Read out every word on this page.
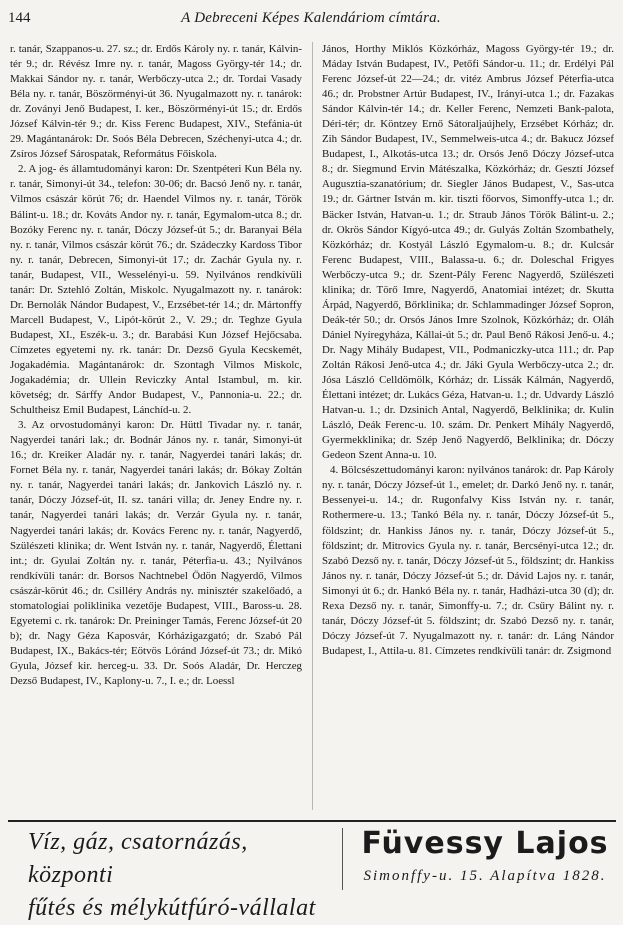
144	A Debreceni Képes Kalendáriom címtára.

r. tanár, Szappanos-u. 27. sz.; dr. Erdős Károly ny. r. tanár, Kálvin-tér 9.; dr. Révész Imre ny. r. tanár, Magoss György-tér 14.; dr. Makkai Sándor ny. r. tanár, Werbőczy-utca 2.; dr. Tordai Vasady Béla ny. r. tanár, Böszörményi-út 36. Nyugalmazott ny. r. tanárok: dr. Zoványi Jenő Budapest, I. ker., Böszörményi-út 15.; dr. Erdős József Kálvin-tér 9.; dr. Kiss Ferenc Budapest, XIV., Stefánia-út 29. Magántanárok: Dr. Soós Béla Debrecen, Széchenyi-utca 4.; dr. Zsíros József Sárospatak, Református Főiskola.

2. A jog- és államtudományi karon: Dr. Szentpéteri Kun Béla ny. r. tanár, Simonyi-út 34., telefon: 30-06; dr. Bacsó Jenő ny. r. tanár, Vilmos császár körút 76; dr. Haendel Vilmos ny. r. tanár, Török Bálint-u. 18.; dr. Kováts Andor ny. r. tanár, Egymalom-utca 8.; dr. Bozóky Ferenc ny. r. tanár, Dóczy József-út 5.; dr. Baranyai Béla ny. r. tanár, Vilmos császár körút 76.; dr. Szádeczky Kardoss Tibor ny. r. tanár, Debrecen, Simonyi-út 17.; dr. Zachár Gyula ny. r. tanár, Budapest, VII., Wesselényi-u. 59. Nyilvános rendkívüli tanár: Dr. Sztehló Zoltán, Miskolc. Nyugalmazott ny. r. tanárok: Dr. Bernolák Nándor Budapest, V., Erzsébet-tér 14.; dr. Mártonffy Marcell Budapest, V., Lipót-körút 2., V. 29.; dr. Teghze Gyula Budapest, XI., Eszék-u. 3.; dr. Barabási Kun József Hejőcsaba. Címzetes egyetemi ny. rk. tanár: Dr. Dezső Gyula Kecskemét, Jogakadémia. Magántanárok: dr. Szontagh Vilmos Miskolc, Jogakadémia; dr. Ullein Reviczky Antal Istambul, m. kir. követség; dr. Sárffy Andor Budapest, V., Pannonia-u. 22.; dr. Schultheisz Emil Budapest, Lánchíd-u. 2.

3. Az orvostudományi karon: Dr. Hüttl Tivadar ny. r. tanár, Nagyerdei tanári lak.; dr. Bodnár János ny. r. tanár, Simonyi-út 16.; dr. Kreiker Aladár ny. r. tanár, Nagyerdei tanári lakás; dr. Fornet Béla ny. r. tanár, Nagyerdei tanári lakás; dr. Bókay Zoltán ny. r. tanár, Nagyerdei tanári lakás; dr. Jankovich László ny. r. tanár, Dóczy József-út, II. sz. tanári villa; dr. Jeney Endre ny. r. tanár, Nagyerdei tanári lakás; dr. Verzár Gyula ny. r. tanár, Nagyerdei tanári lakás; dr. Kovács Ferenc ny. r. tanár, Nagyerdő, Szülészeti klinika; dr. Went István ny. r. tanár, Nagyerdő, Élettani int.; dr. Gyulai Zoltán ny. r. tanár, Péterfia-u. 43.; Nyilvános rendkívüli tanár: dr. Borsos Nachtnebel Ödön Nagyerdő, Vilmos császár-körút 46.; dr. Csilléry András ny. minisztér szakelőadó, a stomatologiai poliklinika vezetője Budapest, VIII., Baross-u. 28. Egyetemi c. rk. tanárok: Dr. Preininger Tamás, Ferenc József-út 20 b); dr. Nagy Géza Kaposvár, Kórházigazgató; dr. Szabó Pál Budapest, IX., Bakács-tér; Eötvös Lóránd József-út 73.; dr. Mikó Gyula, József kir. herceg-u. 33. Dr. Soós Aladár, Dr. Herczeg Dezső Budapest, IV., Kaplony-u. 7., I. e.; dr. Loessl

János, Horthy Miklós Közkórház, Magoss György-tér 19.; dr. Máday István Budapest, IV., Petőfi Sándor-u. 11.; dr. Erdélyi Pál Ferenc József-út 22—24.; dr. vitéz Ambrus József Péterfia-utca 46.; dr. Probstner Artúr Budapest, IV., Irányi-utca 1.; dr. Fazakas Sándor Kálvin-tér 14.; dr. Keller Ferenc, Nemzeti Bank-palota, Déri-tér; dr. Köntzey Ernő Sátoraljaújhely, Erzsébet Kórház; dr. Zih Sándor Budapest, IV., Semmelweis-utca 4.; dr. Bakucz József Budapest, I., Alkotás-utca 13.; dr. Orsós Jenő Dóczy József-utca 8.; dr. Siegmund Ervin Mátészalka, Közkórház; dr. Gesztí József Augusztia-szanatórium; dr. Siegler János Budapest, V., Sas-utca 19.; dr. Gártner István m. kir. tiszti főorvos, Simonffy-utca 1.; dr. Bäcker István, Hatvan-u. 1.; dr. Straub János Török Bálint-u. 2.; dr. Okrös Sándor Kígyó-utca 49.; dr. Gulyás Zoltán Szombathely, Közkórház; dr. Kostyál László Egymalom-u. 8.; dr. Kulcsár Ferenc Budapest, VIII., Balassa-u. 6.; dr. Doleschal Frigyes Werbőczy-utca 9.; dr. Szent-Pály Ferenc Nagyerdő, Szülészeti klinika; dr. Törő Imre, Nagyerdő, Anatomiai intézet; dr. Skutta Árpád, Nagyerdő, Bőrklinika; dr. Schlammadinger József Sopron, Deák-tér 50.; dr. Orsós János Imre Szolnok, Közkórház; dr. Oláh Dániel Nyíregyháza, Kállai-út 5.; dr. Paul Benő Rákosi Jenő-u. 4.; Dr. Nagy Mihály Budapest, VII., Podmaniczky-utca 111.; dr. Pap Zoltán Rákosi Jenő-utca 4.; dr. Jáki Gyula Werbőczy-utca 2.; dr. Jósa László Celldömölk, Kórház; dr. Lissák Kálmán, Nagyerdő, Élettani intézet; dr. Lukács Géza, Hatvan-u. 1.; dr. Udvardy László Hatvan-u. 1.; dr. Dzsinich Antal, Nagyerdő, Belklinika; dr. Kulin László, Deák Ferenc-u. 10. szám. Dr. Penkert Mihály Nagyerdő, Gyermekklinika; dr. Szép Jenő Nagyerdő, Belklinika; dr. Dóczy Gedeon Szent Anna-u. 10.

4. Bölcsészettudományi karon: nyilvános tanárok: dr. Pap Károly ny. r. tanár, Dóczy József-út 1., emelet; dr. Darkó Jenő ny. r. tanár, Bessenyei-u. 14.; dr. Rugonfalvy Kiss István ny. r. tanár, Rothermere-u. 13.; Tankó Béla ny. r. tanár, Dóczy József-út 5., földszint; dr. Hankiss János ny. r. tanár, Dóczy József-út 5., földszint; dr. Mitrovics Gyula ny. r. tanár, Bercsényi-utca 12.; dr. Szabó Dezső ny. r. tanár, Dóczy József-út 5., földszint; dr. Hankiss János ny. r. tanár, Dóczy József-út 5.; dr. Dávid Lajos ny. r. tanár, Simonyi út 6.; dr. Hankó Béla ny. r. tanár, Hadházi-utca 30 (d); dr. Rexa Dezső ny. r. tanár, Simonffy-u. 7.; dr. Csűry Bálint ny. r. tanár, Dóczy József-út 5. földszint; dr. Szabó Dezső ny. r. tanár, Dóczy József-út 7. Nyugalmazott ny. r. tanár: dr. Láng Nándor Budapest, I., Attila-u. 81. Címzetes rendkívüli tanár: dr. Zsigmond

Víz, gáz, csatornázás, központi
fűtés és mélykútfúró-vállalat
Füvessy Lajos
Simonffy-u. 15. Alapítva 1828.
